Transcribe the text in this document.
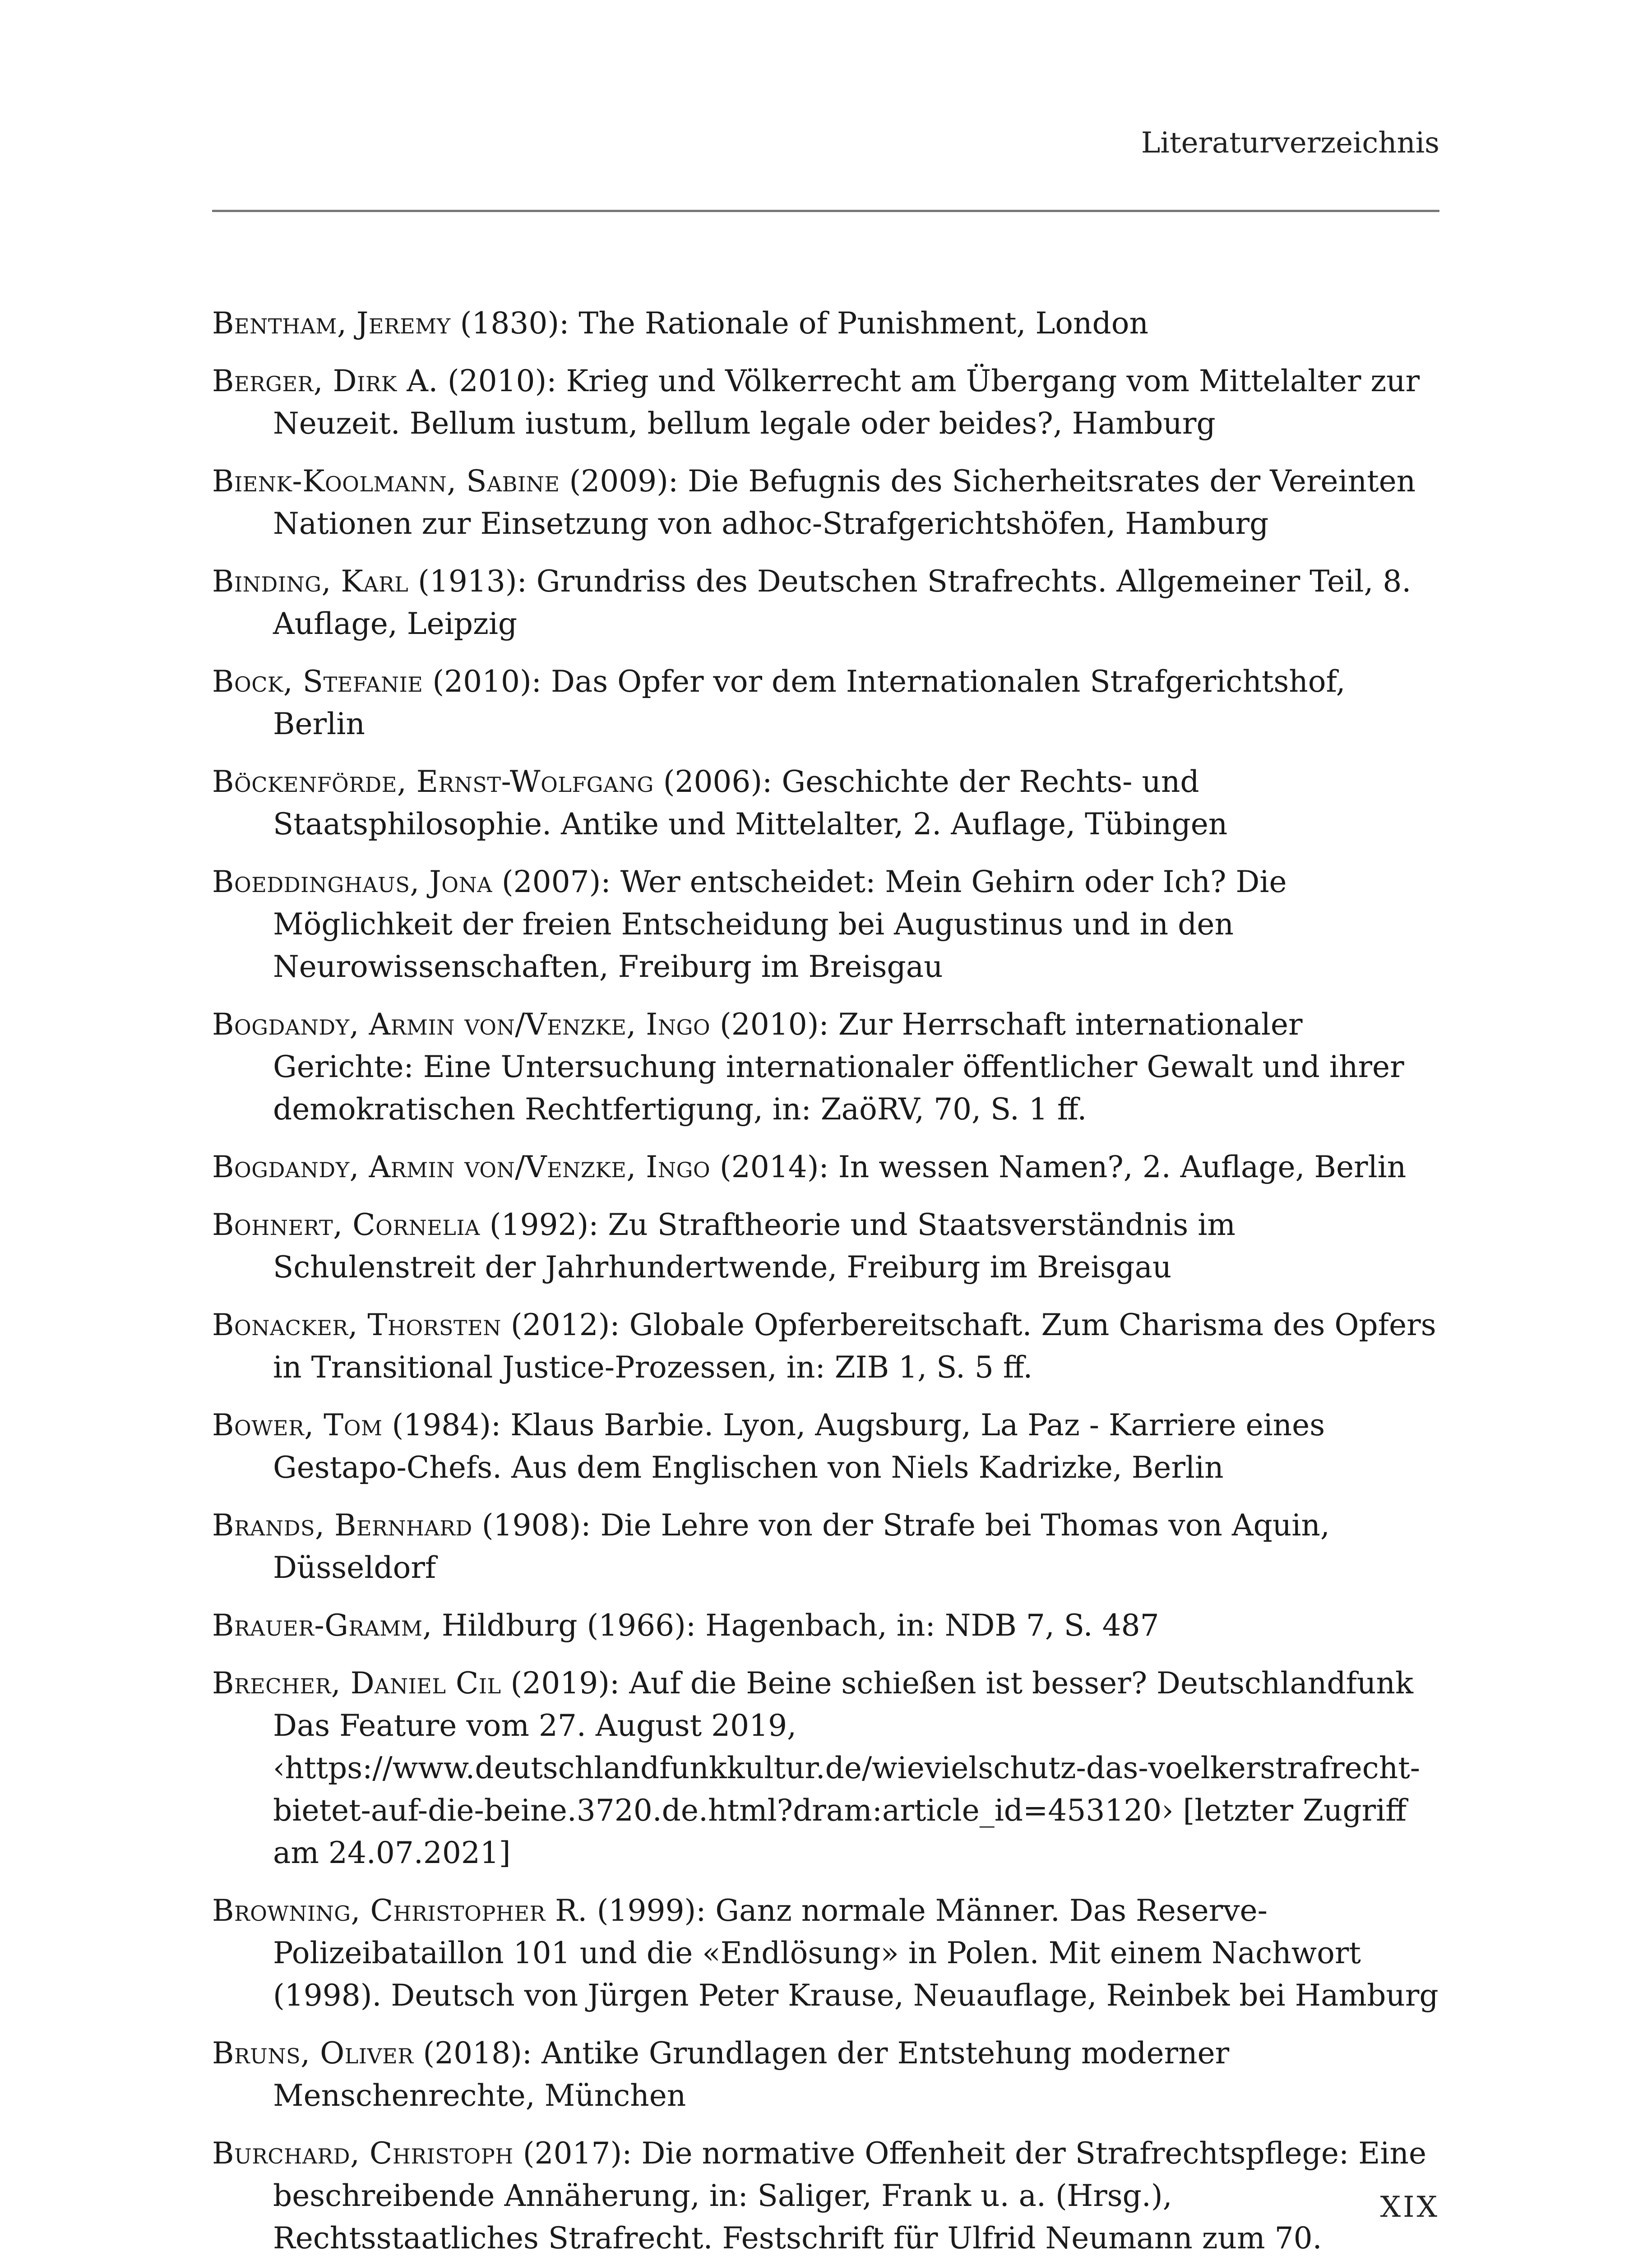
Literaturverzeichnis

Bentham, Jeremy (1830): The Rationale of Punishment, London

Berger, Dirk A. (2010): Krieg und Völkerrecht am Übergang vom Mittelalter zur Neuzeit. Bellum iustum, bellum legale oder beides?, Hamburg

Bienk-Koolmann, Sabine (2009): Die Befugnis des Sicherheitsrates der Vereinten Nationen zur Einsetzung von adhoc-Strafgerichtshöfen, Hamburg

Binding, Karl (1913): Grundriss des Deutschen Strafrechts. Allgemeiner Teil, 8. Auflage, Leipzig

Bock, Stefanie (2010): Das Opfer vor dem Internationalen Strafgerichtshof, Berlin

Böckenförde, Ernst-Wolfgang (2006): Geschichte der Rechts- und Staatsphilosophie. Antike und Mittelalter, 2. Auflage, Tübingen

Boeddinghaus, Jona (2007): Wer entscheidet: Mein Gehirn oder Ich? Die Möglichkeit der freien Entscheidung bei Augustinus und in den Neurowissenschaften, Freiburg im Breisgau

Bogdandy, Armin von/Venzke, Ingo (2010): Zur Herrschaft internationaler Gerichte: Eine Untersuchung internationaler öffentlicher Gewalt und ihrer demokratischen Rechtfertigung, in: ZaöRV, 70, S. 1 ff.

Bogdandy, Armin von/Venzke, Ingo (2014): In wessen Namen?, 2. Auflage, Berlin

Bohnert, Cornelia (1992): Zu Straftheorie und Staatsverständnis im Schulenstreit der Jahrhundertwende, Freiburg im Breisgau

Bonacker, Thorsten (2012): Globale Opferbereitschaft. Zum Charisma des Opfers in Transitional Justice-Prozessen, in: ZIB 1, S. 5 ff.

Bower, Tom (1984): Klaus Barbie. Lyon, Augsburg, La Paz - Karriere eines Gestapo-Chefs. Aus dem Englischen von Niels Kadrizke, Berlin

Brands, Bernhard (1908): Die Lehre von der Strafe bei Thomas von Aquin, Düsseldorf

Brauer-Gramm, Hildburg (1966): Hagenbach, in: NDB 7, S. 487

Brecher, Daniel Cil (2019): Auf die Beine schießen ist besser? Deutschlandfunk Das Feature vom 27. August 2019, ‹https://www.deutschlandfunkkultur.de/wievielschutz-das-voelkerstrafrecht-bietet-auf-die-beine.3720.de.html?dram:article_id=453120› [letzter Zugriff am 24.07.2021]

Browning, Christopher R. (1999): Ganz normale Männer. Das Reserve-Polizeibataillon 101 und die «Endlösung» in Polen. Mit einem Nachwort (1998). Deutsch von Jürgen Peter Krause, Neuauflage, Reinbek bei Hamburg

Bruns, Oliver (2018): Antike Grundlagen der Entstehung moderner Menschenrechte, München

Burchard, Christoph (2017): Die normative Offenheit der Strafrechtspflege: Eine beschreibende Annäherung, in: Saliger, Frank u. a. (Hrsg.), Rechtsstaatliches Strafrecht. Festschrift für Ulfrid Neumann zum 70.

XIX
